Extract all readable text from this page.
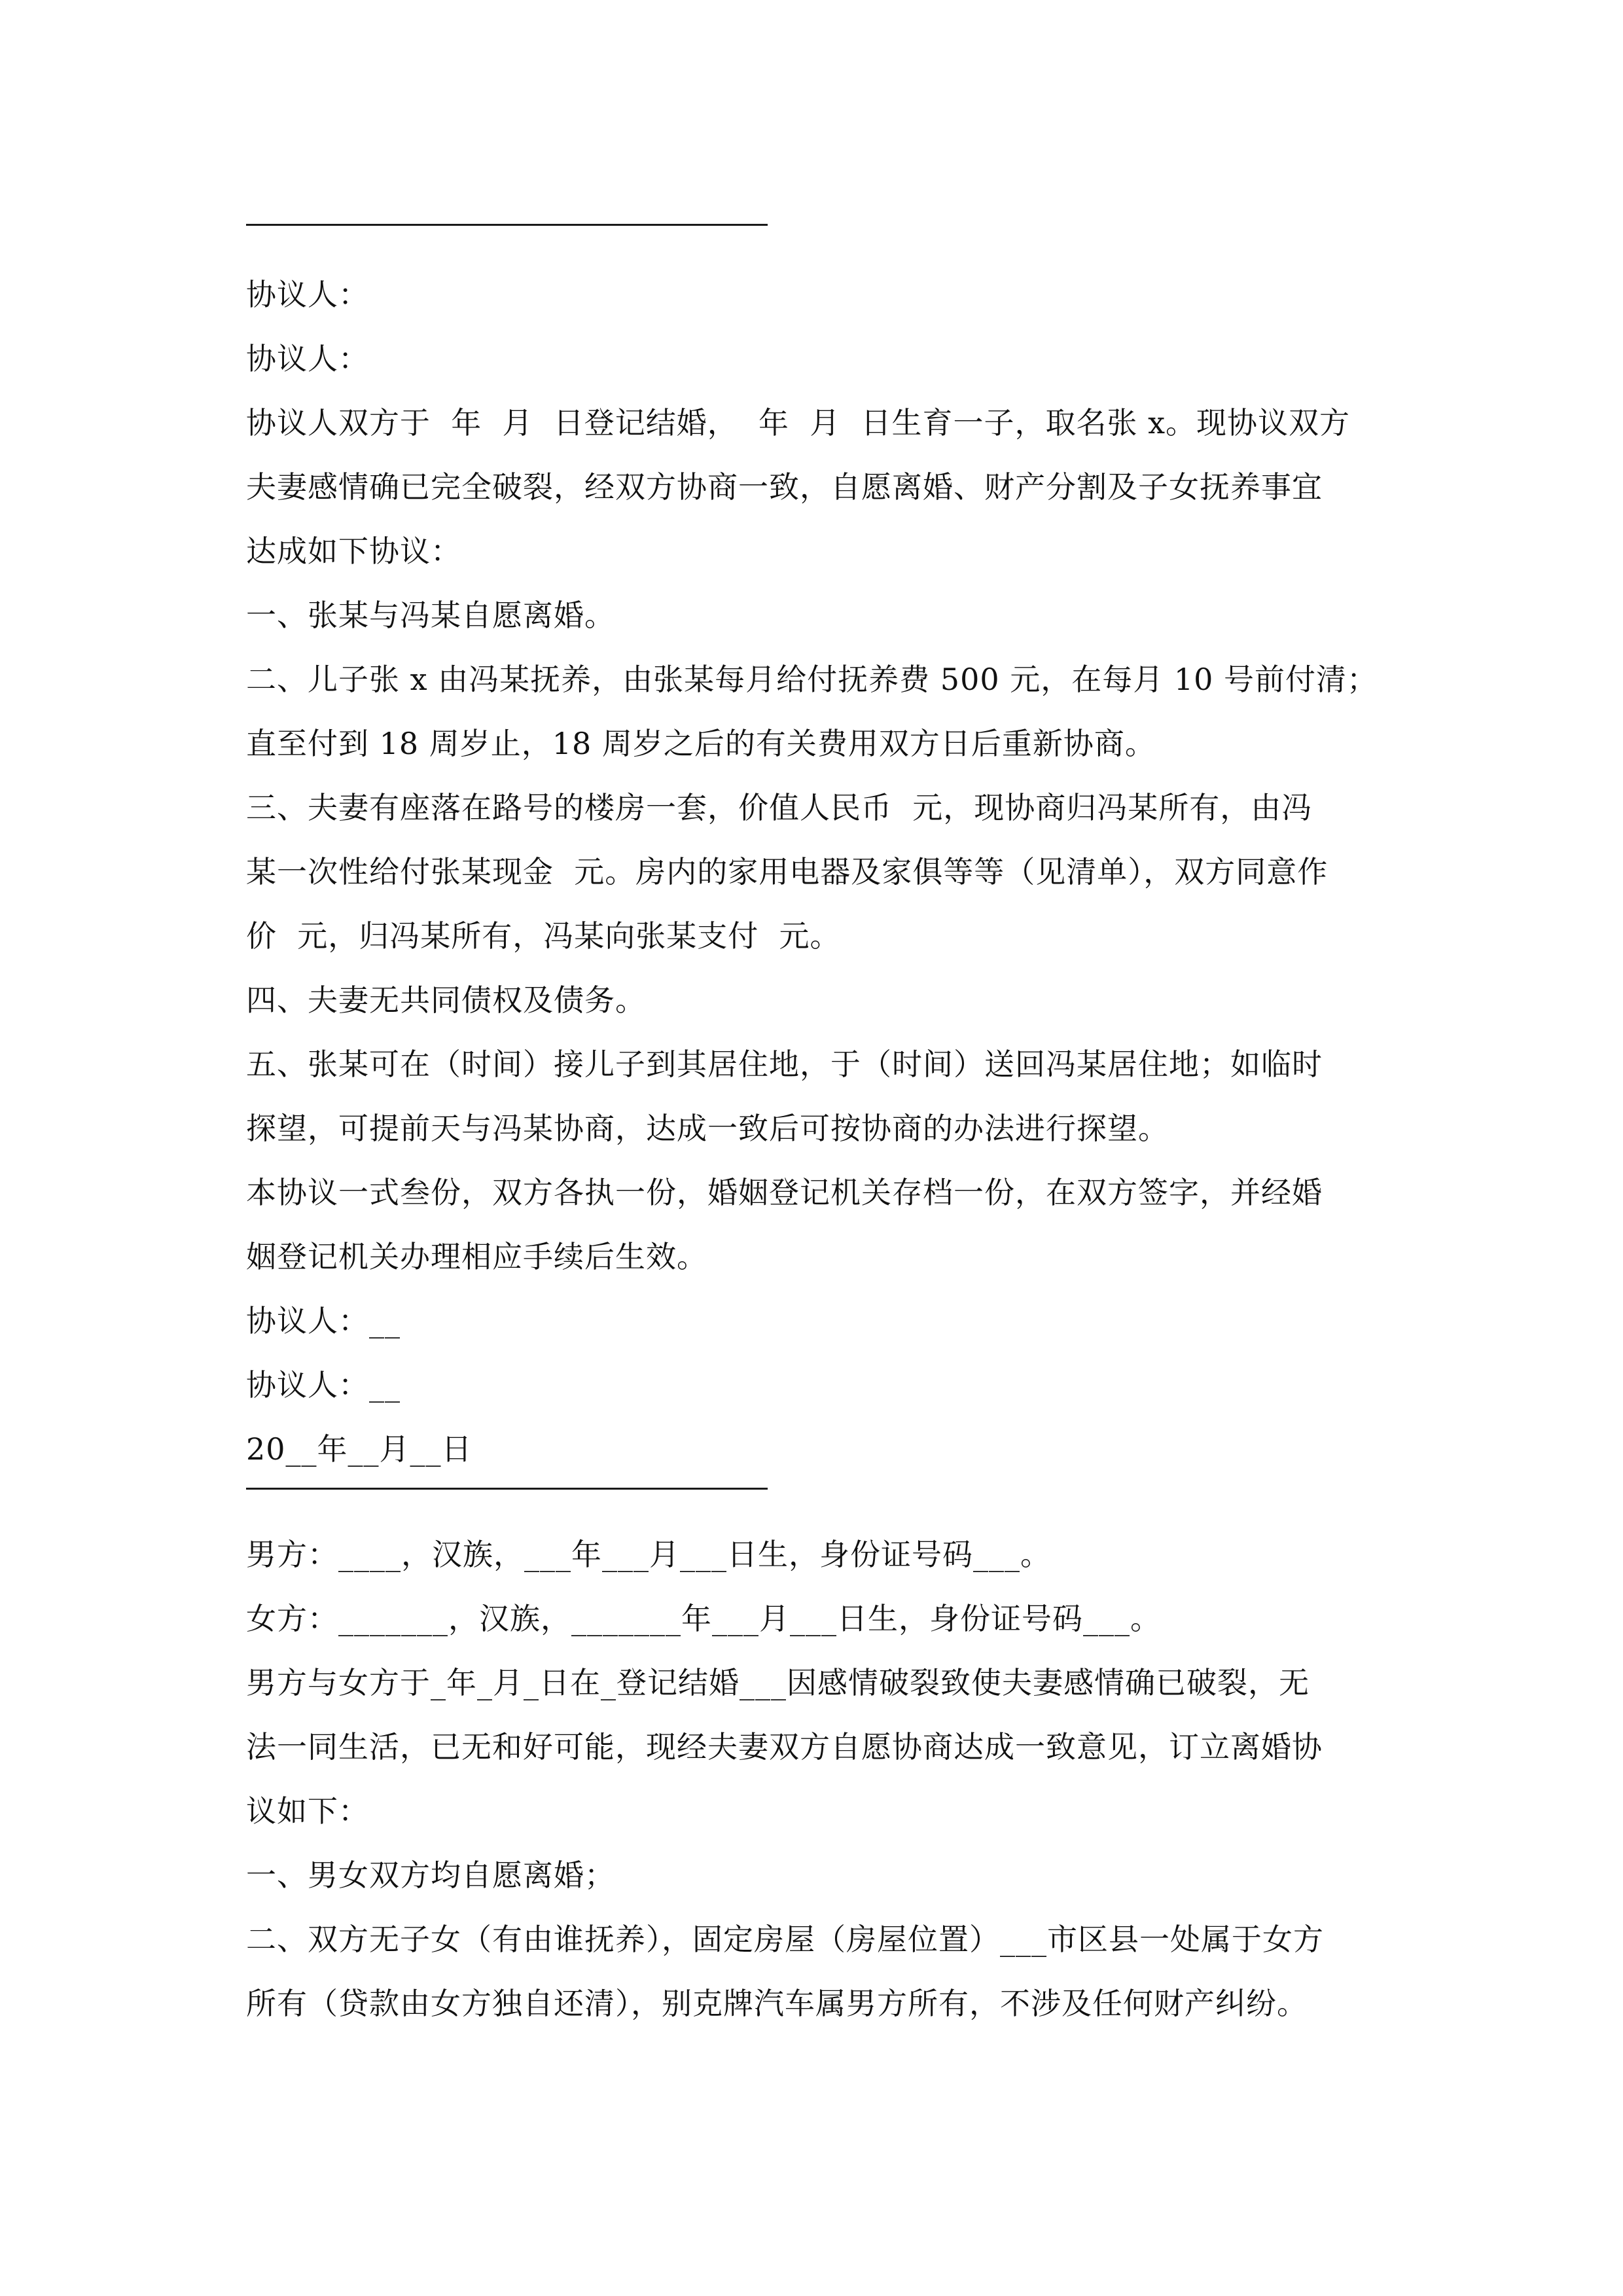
协议人：
协议人：
协议人双方于  年  月  日登记结婚，  年  月  日生育一子，取名张 x。现协议双方
夫妻感情确已完全破裂，经双方协商一致，自愿离婚、财产分割及子女抚养事宜
达成如下协议：
一、张某与冯某自愿离婚。
二、儿子张 x 由冯某抚养，由张某每月给付抚养费 500 元，在每月 10 号前付清；
直至付到 18 周岁止，18 周岁之后的有关费用双方日后重新协商。
三、夫妻有座落在路号的楼房一套，价值人民币  元，现协商归冯某所有，由冯
某一次性给付张某现金  元。房内的家用电器及家俱等等（见清单），双方同意作
价  元，归冯某所有，冯某向张某支付  元。
四、夫妻无共同债权及债务。
五、张某可在（时间）接儿子到其居住地，于（时间）送回冯某居住地；如临时
探望，可提前天与冯某协商，达成一致后可按协商的办法进行探望。
本协议一式叁份，双方各执一份，婚姻登记机关存档一份，在双方签字，并经婚
姻登记机关办理相应手续后生效。
协议人：__
协议人：__
20__年__月__日
男方：____，汉族，___年___月___日生，身份证号码___。
女方：_______，汉族，_______年___月___日生，身份证号码___。
男方与女方于_年_月_日在_登记结婚___因感情破裂致使夫妻感情确已破裂，无
法一同生活，已无和好可能，现经夫妻双方自愿协商达成一致意见，订立离婚协
议如下：
一、男女双方均自愿离婚；
二、双方无子女（有由谁抚养），固定房屋（房屋位置）___市区县一处属于女方
所有（贷款由女方独自还清），别克牌汽车属男方所有，不涉及任何财产纠纷。
